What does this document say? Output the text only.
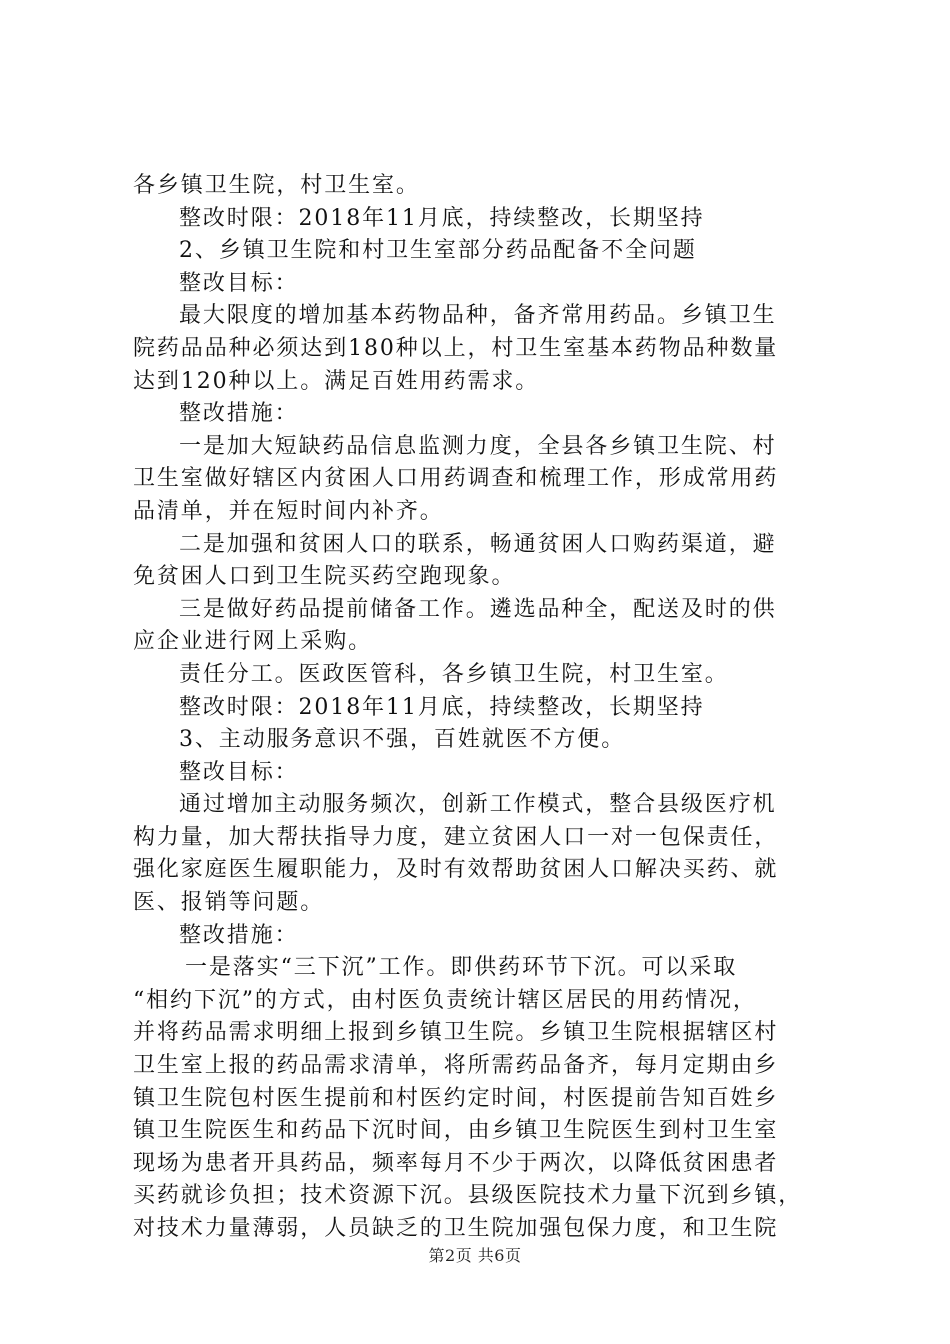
各乡镇卫生院，村卫生室。
整改时限：2018年11月底，持续整改，长期坚持
2、乡镇卫生院和村卫生室部分药品配备不全问题
整改目标：
最大限度的增加基本药物品种，备齐常用药品。乡镇卫生
院药品品种必须达到180种以上，村卫生室基本药物品种数量
达到120种以上。满足百姓用药需求。
整改措施：
一是加大短缺药品信息监测力度，全县各乡镇卫生院、村
卫生室做好辖区内贫困人口用药调查和梳理工作，形成常用药
品清单，并在短时间内补齐。
二是加强和贫困人口的联系，畅通贫困人口购药渠道，避
免贫困人口到卫生院买药空跑现象。
三是做好药品提前储备工作。遴选品种全，配送及时的供
应企业进行网上采购。
责任分工。医政医管科，各乡镇卫生院，村卫生室。
整改时限：2018年11月底，持续整改，长期坚持
3、主动服务意识不强，百姓就医不方便。
整改目标：
通过增加主动服务频次，创新工作模式，整合县级医疗机
构力量，加大帮扶指导力度，建立贫困人口一对一包保责任，
强化家庭医生履职能力，及时有效帮助贫困人口解决买药、就
医、报销等问题。
整改措施：
一是落实“三下沉”工作。即供药环节下沉。可以采取
“相约下沉”的方式，由村医负责统计辖区居民的用药情况，
并将药品需求明细上报到乡镇卫生院。乡镇卫生院根据辖区村
卫生室上报的药品需求清单，将所需药品备齐，每月定期由乡
镇卫生院包村医生提前和村医约定时间，村医提前告知百姓乡
镇卫生院医生和药品下沉时间，由乡镇卫生院医生到村卫生室
现场为患者开具药品，频率每月不少于两次，以降低贫困患者
买药就诊负担；技术资源下沉。县级医院技术力量下沉到乡镇，
对技术力量薄弱，人员缺乏的卫生院加强包保力度，和卫生院
第2页 共6页
